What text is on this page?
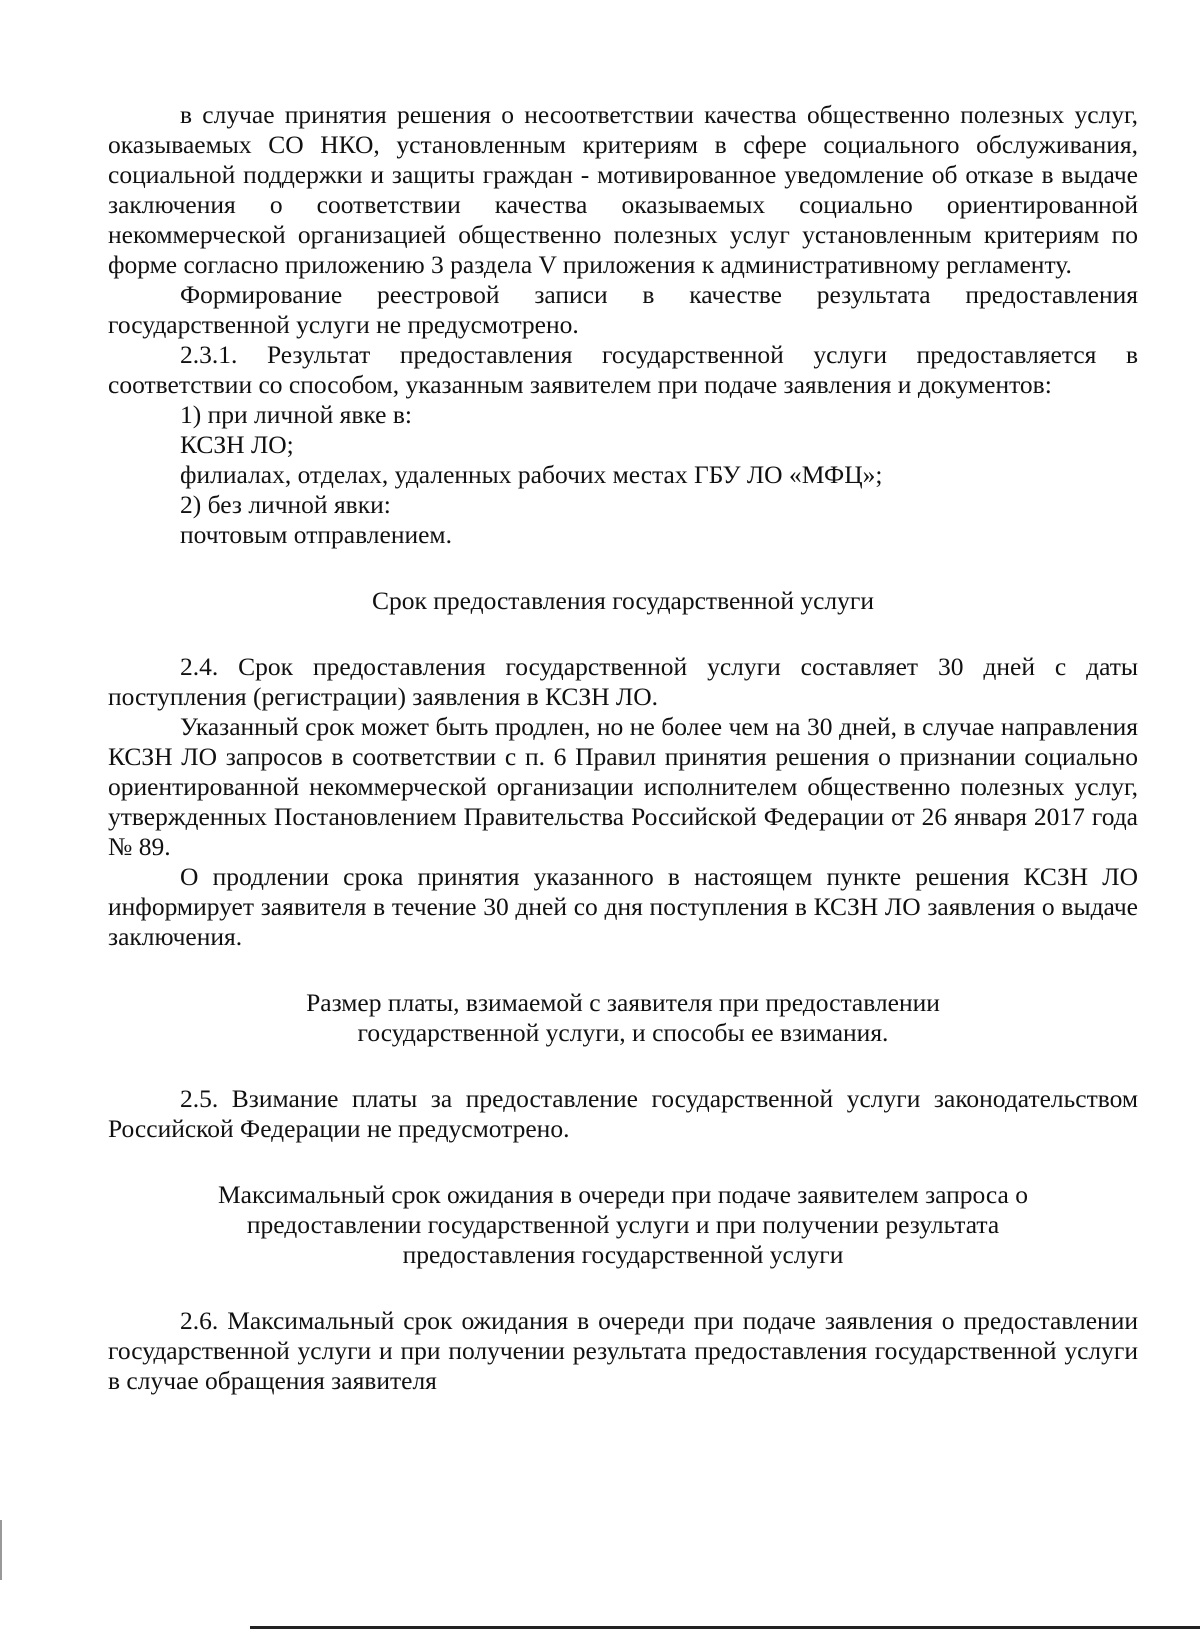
в случае принятия решения о несоответствии качества общественно полезных услуг, оказываемых СО НКО, установленным критериям в сфере социального обслуживания, социальной поддержки и защиты граждан - мотивированное уведомление об отказе в выдаче заключения о соответствии качества оказываемых социально ориентированной некоммерческой организацией общественно полезных услуг установленным критериям по форме согласно приложению 3 раздела V приложения к административному регламенту.

Формирование реестровой записи в качестве результата предоставления государственной услуги не предусмотрено.

2.3.1. Результат предоставления государственной услуги предоставляется в соответствии со способом, указанным заявителем при подаче заявления и документов:

1) при личной явке в:

КСЗН ЛО;

филиалах, отделах, удаленных рабочих местах ГБУ ЛО «МФЦ»;

2) без личной явки:

почтовым отправлением.

Срок предоставления государственной услуги

2.4. Срок предоставления государственной услуги составляет 30 дней с даты поступления (регистрации) заявления в КСЗН ЛО.

Указанный срок может быть продлен, но не более чем на 30 дней, в случае направления КСЗН ЛО запросов в соответствии с п. 6 Правил принятия решения о признании социально ориентированной некоммерческой организации исполнителем общественно полезных услуг, утвержденных Постановлением Правительства Российской Федерации от 26 января 2017 года № 89.

О продлении срока принятия указанного в настоящем пункте решения КСЗН ЛО информирует заявителя в течение 30 дней со дня поступления в КСЗН ЛО заявления о выдаче заключения.

Размер платы, взимаемой с заявителя при предоставлении

государственной услуги, и способы ее взимания.

2.5. Взимание платы за предоставление государственной услуги законодательством Российской Федерации не предусмотрено.

Максимальный срок ожидания в очереди при подаче заявителем запроса о

предоставлении государственной услуги и при получении результата

предоставления государственной услуги

2.6. Максимальный срок ожидания в очереди при подаче заявления о предоставлении государственной услуги и при получении результата предоставления государственной услуги в случае обращения заявителя
